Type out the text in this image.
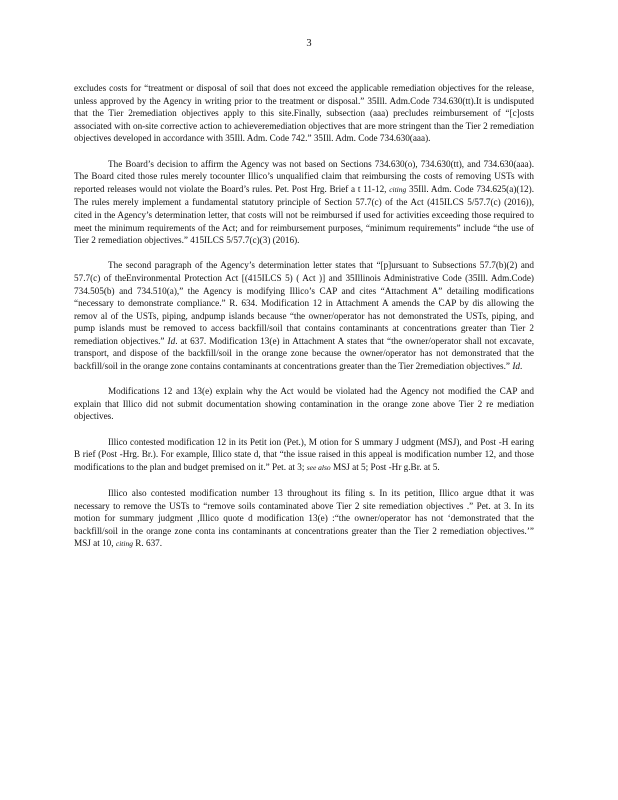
3

excludes costs for “treatment or disposal of soil that does not exceed the applicable remediation objectives for the release, unless approved by the Agency in writing prior to the treatment or disposal.” 35Ill. Adm.Code 734.630(tt).It is undisputed that the Tier 2remediation objectives apply to this site.Finally, subsection (aaa) precludes reimbursement of “[c]osts associated with on-site corrective action to achieveremediation objectives that are more stringent than the Tier 2 remediation objectives developed in accordance with 35Ill. Adm. Code 742.” 35Ill. Adm. Code 734.630(aaa).

The Board’s decision to affirm the Agency was not based on Sections 734.630(o), 734.630(tt), and 734.630(aaa). The Board cited those rules merely tocounter Illico’s unqualified claim that reimbursing the costs of removing USTs with reported releases would not violate the Board’s rules. Pet. Post Hrg. Brief a t 11-12, citing 35Ill. Adm. Code 734.625(a)(12). The rules merely implement a fundamental statutory principle of Section 57.7(c) of the Act (415ILCS 5/57.7(c) (2016)), cited in the Agency’s determination letter, that costs will not be reimbursed if used for activities exceeding those required to meet the minimum requirements of the Act; and for reimbursement purposes, “minimum requirements” include “the use of Tier 2 remediation objectives.” 415ILCS 5/57.7(c)(3) (2016).

The second paragraph of the Agency’s determination letter states that “[p]ursuant to Subsections 57.7(b)(2) and 57.7(c) of theEnvironmental Protection Act [(415ILCS 5) ( Act )] and 35Illinois Administrative Code (35Ill. Adm.Code) 734.505(b) and 734.510(a),” the Agency is modifying Illico’s CAP and cites “Attachment A” detailing modifications “necessary to demonstrate compliance.” R. 634. Modification 12 in Attachment A amends the CAP by dis allowing the remov al of the USTs, piping, andpump islands because “the owner/operator has not demonstrated the USTs, piping, and pump islands must be removed to access backfill/soil that contains contaminants at concentrations greater than Tier 2 remediation objectives.” Id. at 637. Modification 13(e) in Attachment A states that “the owner/operator shall not excavate, transport, and dispose of the backfill/soil in the orange zone because the owner/operator has not demonstrated that the backfill/soil in the orange zone contains contaminants at concentrations greater than the Tier 2remediation objectives.” Id.

Modifications 12 and 13(e) explain why the Act would be violated had the Agency not modified the CAP and explain that Illico did not submit documentation showing contamination in the orange zone above Tier 2 re mediation objectives.

Illico contested modification 12 in its Petit ion (Pet.), M otion for S ummary J udgment (MSJ), and Post -H earing B rief (Post -Hrg. Br.). For example, Illico state d, that “the issue raised in this appeal is modification number 12, and those modifications to the plan and budget premised on it.” Pet. at 3; see also MSJ at 5; Post -Hr g.Br. at 5.

Illico also contested modification number 13 throughout its filing s. In its petition, Illico argue dthat it was necessary to remove the USTs to “remove soils contaminated above Tier 2 site remediation objectives .” Pet. at 3. In its motion for summary judgment ,Illico quote d modification 13(e) :“the owner/operator has not ‘demonstrated that the backfill/soil in the orange zone conta ins contaminants at concentrations greater than the Tier 2 remediation objectives.’” MSJ at 10, citing R. 637.
